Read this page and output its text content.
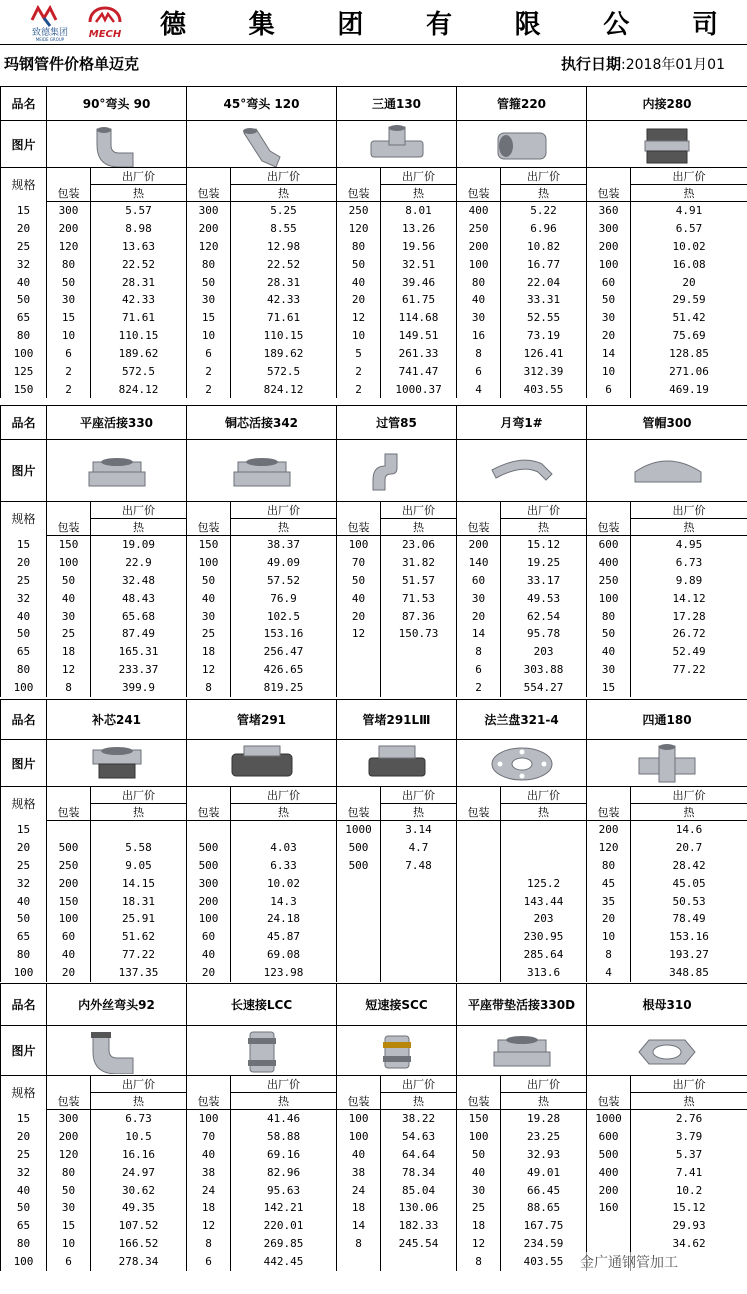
致德集团
MEIDE GROUP MECH 德 集 团 有 限 公 司
玛钢管件价格单迈克	执行日期:2018年01月01
品名	90°弯头 90		45°弯头 120		三通130		管箍220		内接280	
图片	

规格		出厂价		出厂价		出厂价		出厂价		出厂价
	包装	热	包装	热	包装	热	包装	热	包装	热
15	300	5.57	300	5.25	250	8.01	400	5.22	360	4.91
20	200	8.98	200	8.55	120	13.26	250	6.96	300	6.57
25	120	13.63	120	12.98	80	19.56	200	10.82	200	10.02
32	80	22.52	80	22.52	50	32.51	100	16.77	100	16.08
40	50	28.31	50	28.31	40	39.46	80	22.04	60	20
50	30	42.33	30	42.33	20	61.75	40	33.31	50	29.59
65	15	71.61	15	71.61	12	114.68	30	52.55	30	51.42
80	10	110.15	10	110.15	10	149.51	16	73.19	20	75.69
100	6	189.62	6	189.62	5	261.33	8	126.41	14	128.85
125	2	572.5	2	572.5	2	741.47	6	312.39	10	271.06
150	2	824.12	2	824.12	2	1000.37	4	403.55	6	469.19
品名	平座活接330		铜芯活接342		过管85		月弯1#		管帽300	
图片	

规格		出厂价		出厂价		出厂价		出厂价		出厂价
	包装	热	包装	热	包装	热	包装	热	包装	热
15	150	19.09	150	38.37	100	23.06	200	15.12	600	4.95
20	100	22.9	100	49.09	70	31.82	140	19.25	400	6.73
25	50	32.48	50	57.52	50	51.57	60	33.17	250	9.89
32	40	48.43	40	76.9	40	71.53	30	49.53	100	14.12
40	30	65.68	30	102.5	20	87.36	20	62.54	80	17.28
50	25	87.49	25	153.16	12	150.73	14	95.78	50	26.72
65	18	165.31	18	256.47			8	203	40	52.49
80	12	233.37	12	426.65			6	303.88	30	77.22
100	8	399.9	8	819.25			2	554.27	15	
品名	补芯241		管堵291		管堵291LⅢ		法兰盘321-4		四通180	
图片	

规格		出厂价		出厂价		出厂价		出厂价		出厂价
	包装	热	包装	热	包装	热	包装	热	包装	热
15					1000	3.14			200	14.6
20	500	5.58	500	4.03	500	4.7			120	20.7
25	250	9.05	500	6.33	500	7.48			80	28.42
32	200	14.15	300	10.02				125.2	45	45.05
40	150	18.31	200	14.3				143.44	35	50.53
50	100	25.91	100	24.18				203	20	78.49
65	60	51.62	60	45.87				230.95	10	153.16
80	40	77.22	40	69.08				285.64	8	193.27
100	20	137.35	20	123.98				313.6	4	348.85
品名	内外丝弯头92		长速接LCC		短速接SCC		平座带垫活接330D		根母310	
图片	

规格		出厂价		出厂价		出厂价		出厂价		出厂价
	包装	热	包装	热	包装	热	包装	热	包装	热
15	300	6.73	100	41.46	100	38.22	150	19.28	1000	2.76
20	200	10.5	70	58.88	100	54.63	100	23.25	600	3.79
25	120	16.16	40	69.16	40	64.64	50	32.93	500	5.37
32	80	24.97	38	82.96	38	78.34	40	49.01	400	7.41
40	50	30.62	24	95.63	24	85.04	30	66.45	200	10.2
50	30	49.35	18	142.21	18	130.06	25	88.65	160	15.12
65	15	107.52	12	220.01	14	182.33	18	167.75		29.93
80	10	166.52	8	269.85	8	245.54	12	234.59		34.62
100	6	278.34	6	442.45			8	403.55		金广通钢管加工
